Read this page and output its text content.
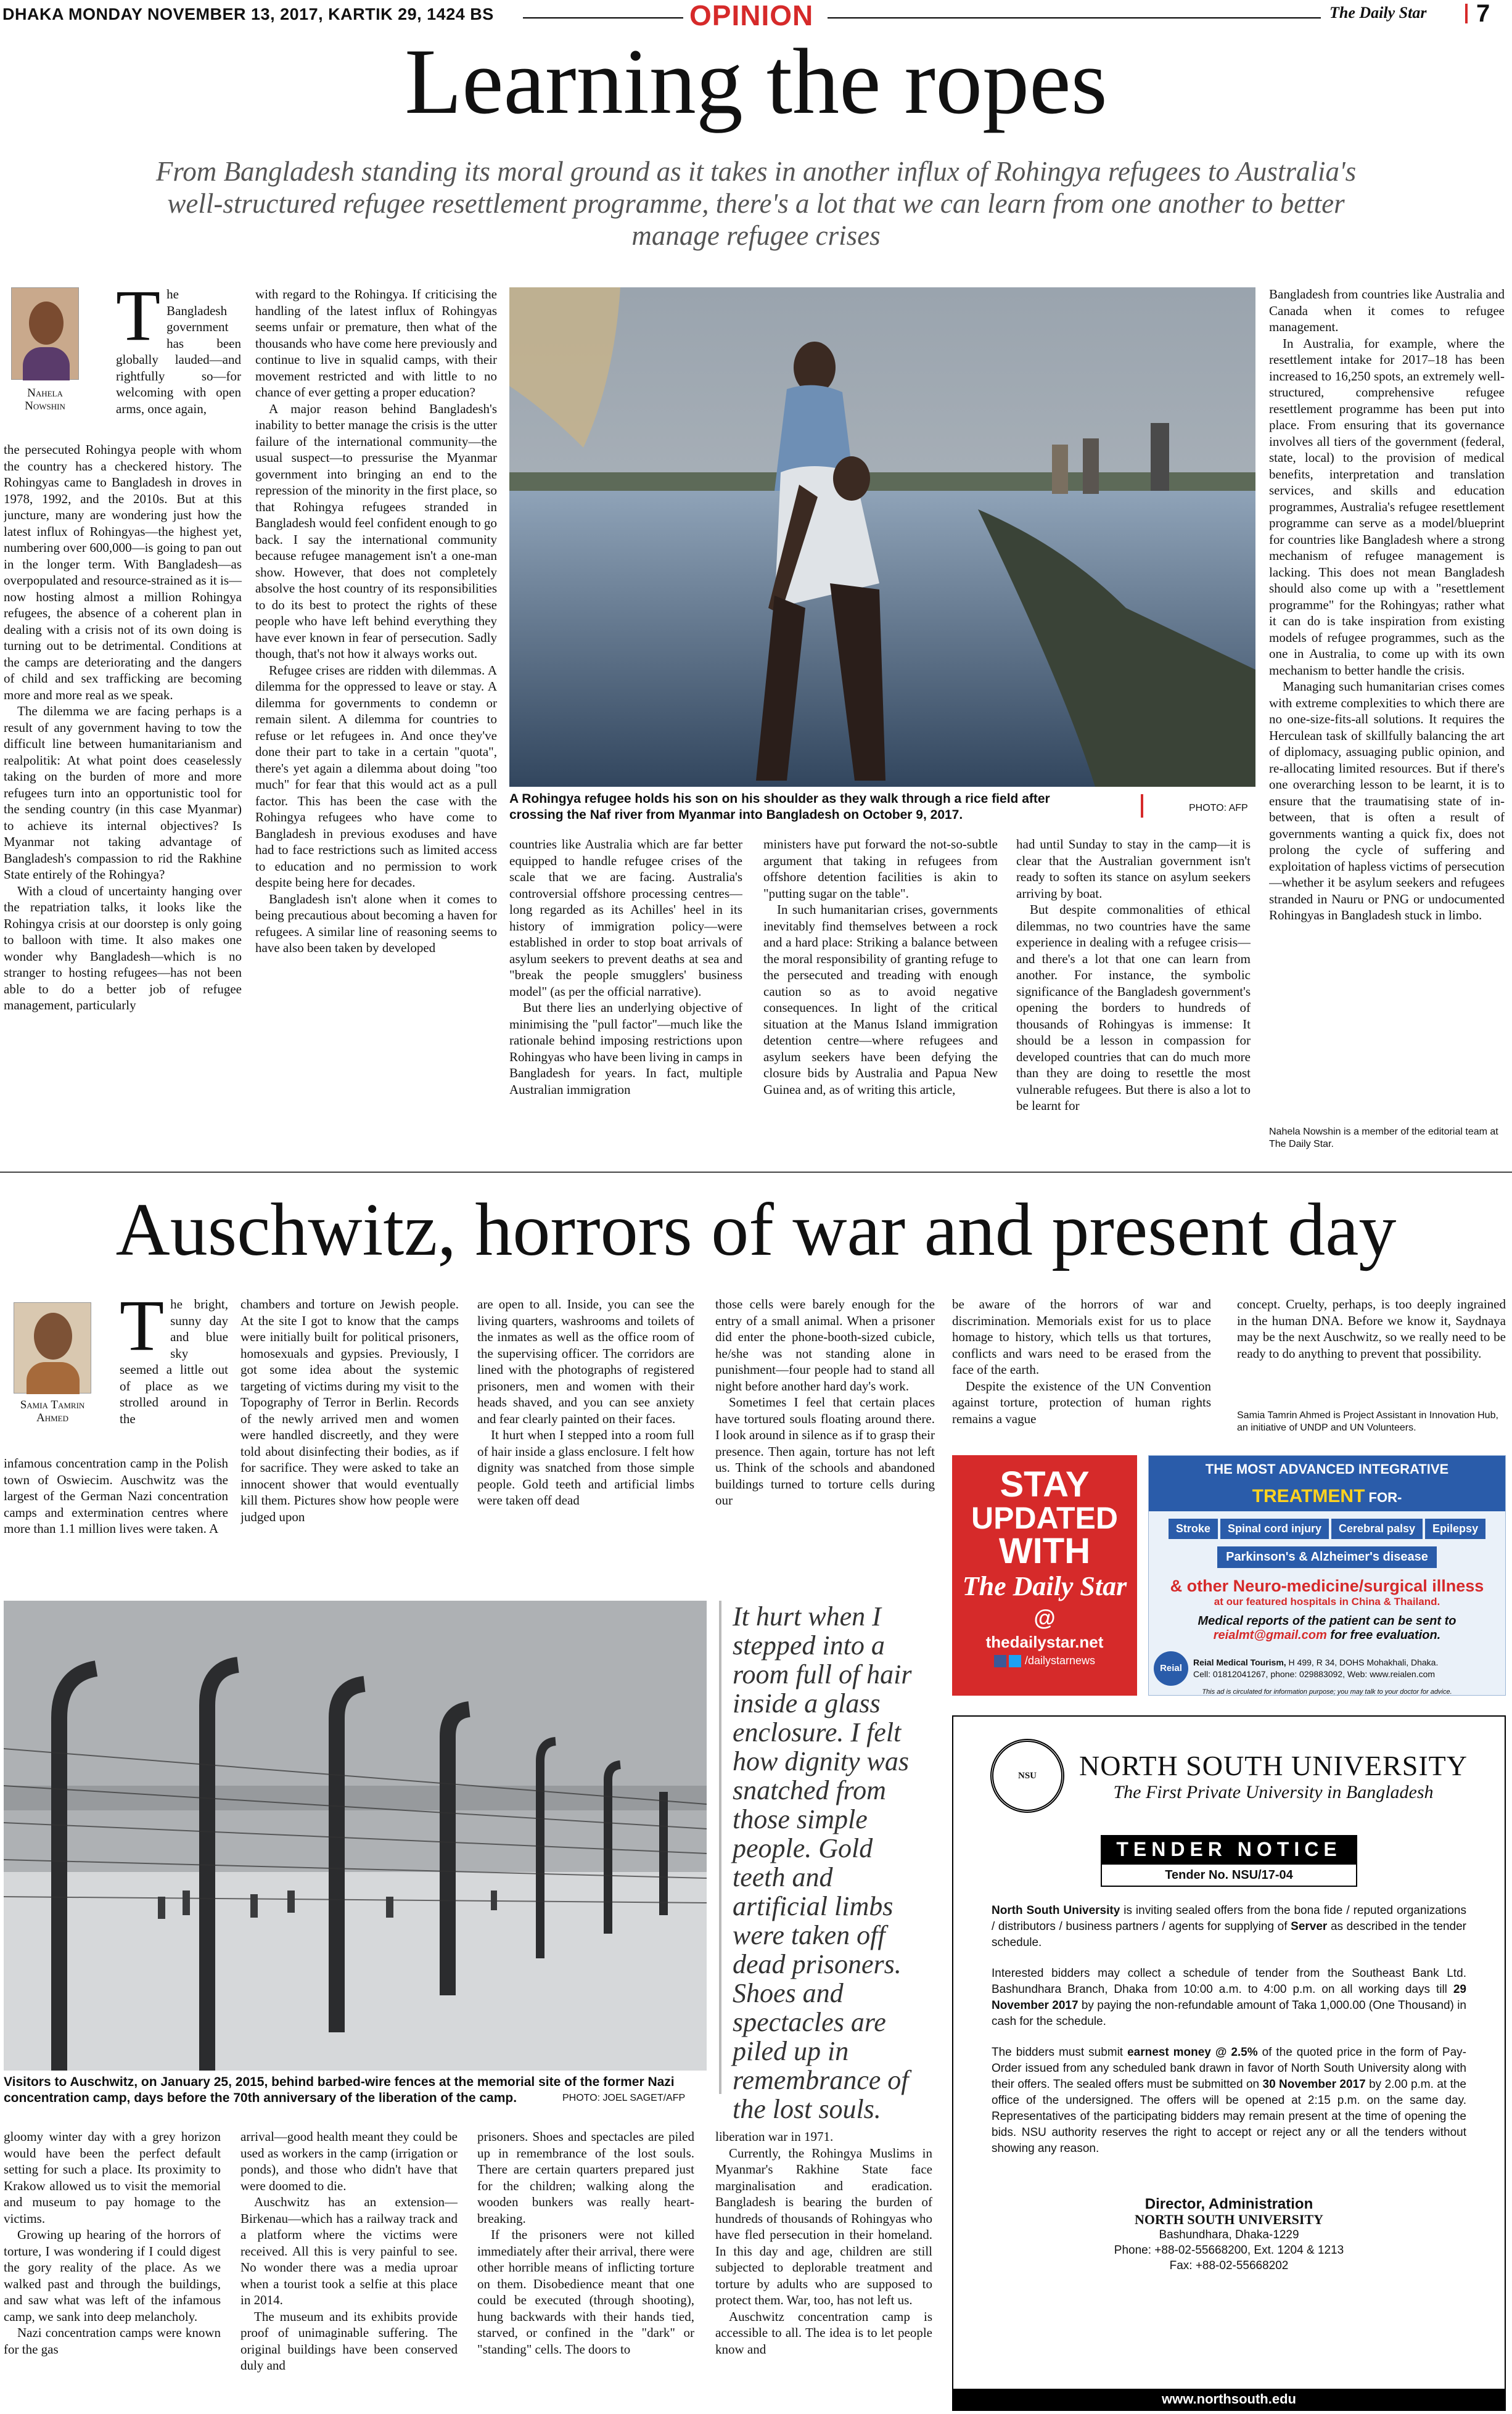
DHAKA MONDAY NOVEMBER 13, 2017, KARTIK 29, 1424 BS	OPINION	The Daily Star 7
Learning the ropes
From Bangladesh standing its moral ground as it takes in another influx of Rohingya refugees to Australia's well-structured refugee resettlement programme, there's a lot that we can learn from one another to better manage refugee crises
Nahela Nowshin
The Bangladesh government has been globally lauded—and rightfully so—for welcoming with open arms, once again,

the persecuted Rohingya people with whom the country has a checkered history. The Rohingyas came to Bangladesh in droves in 1978, 1992, and the 2010s. But at this juncture, many are wondering just how the latest influx of Rohingyas—the highest yet, numbering over 600,000—is going to pan out in the longer term. With Bangladesh—as overpopulated and resource-strained as it is—now hosting almost a million Rohingya refugees, the absence of a coherent plan in dealing with a crisis not of its own doing is turning out to be detrimental. Conditions at the camps are deteriorating and the dangers of child and sex trafficking are becoming more and more real as we speak.

The dilemma we are facing perhaps is a result of any government having to tow the difficult line between humanitarianism and realpolitik: At what point does ceaselessly taking on the burden of more and more refugees turn into an opportunistic tool for the sending country (in this case Myanmar) to achieve its internal objectives? Is Myanmar not taking advantage of Bangladesh's compassion to rid the Rakhine State entirely of the Rohingya?

With a cloud of uncertainty hanging over the repatriation talks, it looks like the Rohingya crisis at our doorstep is only going to balloon with time. It also makes one wonder why Bangladesh—which is no stranger to hosting refugees—has not been able to do a better job of refugee management, particularly

with regard to the Rohingya. If criticising the handling of the latest influx of Rohingyas seems unfair or premature, then what of the thousands who have come here previously and continue to live in squalid camps, with their movement restricted and with little to no chance of ever getting a proper education?

A major reason behind Bangladesh's inability to better manage the crisis is the utter failure of the international community—the usual suspect—to pressurise the Myanmar government into bringing an end to the repression of the minority in the first place, so that Rohingya refugees stranded in Bangladesh would feel confident enough to go back. I say the international community because refugee management isn't a one-man show. However, that does not completely absolve the host country of its responsibilities to do its best to protect the rights of these people who have left behind everything they have ever known in fear of persecution. Sadly though, that's not how it always works out.

Refugee crises are ridden with dilemmas. A dilemma for the oppressed to leave or stay. A dilemma for governments to condemn or remain silent. A dilemma for countries to refuse or let refugees in. And once they've done their part to take in a certain "quota", there's yet again a dilemma about doing "too much" for fear that this would act as a pull factor. This has been the case with the Rohingya refugees who have come to Bangladesh in previous exoduses and have had to face restrictions such as limited access to education and no permission to work despite being here for decades.

Bangladesh isn't alone when it comes to being precautious about becoming a haven for refugees. A similar line of reasoning seems to have also been taken by developed

A Rohingya refugee holds his son on his shoulder as they walk through a rice field after crossing the Naf river from Myanmar into Bangladesh on October 9, 2017.	PHOTO: AFP

countries like Australia which are far better equipped to handle refugee crises of the scale that we are facing. Australia's controversial offshore processing centres—long regarded as its Achilles' heel in its history of immigration policy—were established in order to stop boat arrivals of asylum seekers to prevent deaths at sea and "break the people smugglers' business model" (as per the official narrative).

But there lies an underlying objective of minimising the "pull factor"—much like the rationale behind imposing restrictions upon Rohingyas who have been living in camps in Bangladesh for years. In fact, multiple Australian immigration

ministers have put forward the not-so-subtle argument that taking in refugees from offshore detention facilities is akin to "putting sugar on the table".

In such humanitarian crises, governments inevitably find themselves between a rock and a hard place: Striking a balance between the moral responsibility of granting refuge to the persecuted and treading with enough caution so as to avoid negative consequences. In light of the critical situation at the Manus Island immigration detention centre—where refugees and asylum seekers have been defying the closure bids by Australia and Papua New Guinea and, as of writing this article,

had until Sunday to stay in the camp—it is clear that the Australian government isn't ready to soften its stance on asylum seekers arriving by boat.

But despite commonalities of ethical dilemmas, no two countries have the same experience in dealing with a refugee crisis—and there's a lot that one can learn from another. For instance, the symbolic significance of the Bangladesh government's opening the borders to hundreds of thousands of Rohingyas is immense: It should be a lesson in compassion for developed countries that can do much more than they are doing to resettle the most vulnerable refugees. But there is also a lot to be learnt for

Bangladesh from countries like Australia and Canada when it comes to refugee management.

In Australia, for example, where the resettlement intake for 2017–18 has been increased to 16,250 spots, an extremely well-structured, comprehensive refugee resettlement programme has been put into place. From ensuring that its governance involves all tiers of the government (federal, state, local) to the provision of medical benefits, interpretation and translation services, and skills and education programmes, Australia's refugee resettlement programme can serve as a model/blueprint for countries like Bangladesh where a strong mechanism of refugee management is lacking. This does not mean Bangladesh should also come up with a "resettlement programme" for the Rohingyas; rather what it can do is take inspiration from existing models of refugee programmes, such as the one in Australia, to come up with its own mechanism to better handle the crisis.

Managing such humanitarian crises comes with extreme complexities to which there are no one-size-fits-all solutions. It requires the Herculean task of skillfully balancing the art of diplomacy, assuaging public opinion, and re-allocating limited resources. But if there's one overarching lesson to be learnt, it is to ensure that the traumatising state of in-between, that is often a result of governments wanting a quick fix, does not prolong the cycle of suffering and exploitation of hapless victims of persecution—whether it be asylum seekers and refugees stranded in Nauru or PNG or undocumented Rohingyas in Bangladesh stuck in limbo.

Nahela Nowshin is a member of the editorial team at The Daily Star.
Auschwitz, horrors of war and present day
Samia Tamrin Ahmed
The bright, sunny day and blue sky seemed a little out of place as we strolled around in the

infamous concentration camp in the Polish town of Oswiecim. Auschwitz was the largest of the German Nazi concentration camps and extermination centres where more than 1.1 million lives were taken. A

chambers and torture on Jewish people. At the site I got to know that the camps were initially built for political prisoners, homosexuals and gypsies. Previously, I got some idea about the systemic targeting of victims during my visit to the Topography of Terror in Berlin. Records of the newly arrived men and women were handled discreetly, and they were told about disinfecting their bodies, as if for sacrifice. They were asked to take an innocent shower that would eventually kill them. Pictures show how people were judged upon

are open to all. Inside, you can see the living quarters, washrooms and toilets of the inmates as well as the office room of the supervising officer. The corridors are lined with the photographs of registered prisoners, men and women with their heads shaved, and you can see anxiety and fear clearly painted on their faces.

It hurt when I stepped into a room full of hair inside a glass enclosure. I felt how dignity was snatched from those simple people. Gold teeth and artificial limbs were taken off dead

those cells were barely enough for the entry of a small animal. When a prisoner did enter the phone-booth-sized cubicle, he/she was not standing alone in punishment—four people had to stand all night before another hard day's work.

Sometimes I feel that certain places have tortured souls floating around there. I look around in silence as if to grasp their presence. Then again, torture has not left us. Think of the schools and abandoned buildings turned to torture cells during our

be aware of the horrors of war and discrimination. Memorials exist for us to place homage to history, which tells us that tortures, conflicts and wars need to be erased from the face of the earth.

Despite the existence of the UN Convention against torture, protection of human rights remains a vague

concept. Cruelty, perhaps, is too deeply ingrained in the human DNA. Before we know it, Saydnaya may be the next Auschwitz, so we really need to be ready to do anything to prevent that possibility.

Samia Tamrin Ahmed is Project Assistant in Innovation Hub, an initiative of UNDP and UN Volunteers.
STAY
UPDATED
WITH
The Daily Star
@
thedailystar.net
/dailystarnews
THE MOST ADVANCED INTEGRATIVE TREATMENT FOR-
Stroke Spinal cord injury Cerebral palsy Epilepsy
Parkinson's & Alzheimer's disease
& other Neuro-medicine/surgical illness
at our featured hospitals in China & Thailand.
Medical reports of the patient can be sent to
reialmt@gmail.com for free evaluation.
Reial
Reial Medical Tourism, H 499, R 34, DOHS Mohakhali, Dhaka.
Cell: 01812041267, phone: 029883092, Web: www.reialen.com
This ad is circulated for information purpose; you may talk to your doctor for advice.
Visitors to Auschwitz, on January 25, 2015, behind barbed-wire fences at the memorial site of the former Nazi concentration camp, days before the 70th anniversary of the liberation of the camp.	PHOTO: JOEL SAGET/AFP
It hurt when I stepped into a room full of hair inside a glass enclosure. I felt how dignity was snatched from those simple people. Gold teeth and artificial limbs were taken off dead prisoners. Shoes and spectacles are piled up in remembrance of the lost souls.

gloomy winter day with a grey horizon would have been the perfect default setting for such a place. Its proximity to Krakow allowed us to visit the memorial and museum to pay homage to the victims.

Growing up hearing of the horrors of torture, I was wondering if I could digest the gory reality of the place. As we walked past and through the buildings, and saw what was left of the infamous camp, we sank into deep melancholy.

Nazi concentration camps were known for the gas

arrival—good health meant they could be used as workers in the camp (irrigation or ponds), and those who didn't have that were doomed to die.

Auschwitz has an extension—Birkenau—which has a railway track and a platform where the victims were received. All this is very painful to see. No wonder there was a media uproar when a tourist took a selfie at this place in 2014.

The museum and its exhibits provide proof of unimaginable suffering. The original buildings have been conserved duly and

prisoners. Shoes and spectacles are piled up in remembrance of the lost souls. There are certain quarters prepared just for the children; walking along the wooden bunkers was really heart-breaking.

If the prisoners were not killed immediately after their arrival, there were other horrible means of inflicting torture on them. Disobedience meant that one could be executed (through shooting), hung backwards with their hands tied, starved, or confined in the "dark" or "standing" cells. The doors to

liberation war in 1971.

Currently, the Rohingya Muslims in Myanmar's Rakhine State face marginalisation and eradication. Bangladesh is bearing the burden of hundreds of thousands of Rohingyas who have fled persecution in their homeland. In this day and age, children are still subjected to deplorable treatment and torture by adults who are supposed to protect them. War, too, has not left us.

Auschwitz concentration camp is accessible to all. The idea is to let people know and

NSU	NORTH SOUTH UNIVERSITY
The First Private University in Bangladesh
TENDER NOTICE
Tender No. NSU/17-04

North South University is inviting sealed offers from the bona fide / reputed organizations / distributors / business partners / agents for supplying of Server as described in the tender schedule.

Interested bidders may collect a schedule of tender from the Southeast Bank Ltd. Bashundhara Branch, Dhaka from 10:00 a.m. to 4:00 p.m. on all working days till 29 November 2017 by paying the non-refundable amount of Taka 1,000.00 (One Thousand) in cash for the schedule.

The bidders must submit earnest money @ 2.5% of the quoted price in the form of Pay-Order issued from any scheduled bank drawn in favor of North South University along with their offers. The sealed offers must be submitted on 30 November 2017 by 2.00 p.m. at the office of the undersigned. The offers will be opened at 2:15 p.m. on the same day. Representatives of the participating bidders may remain present at the time of opening the bids. NSU authority reserves the right to accept or reject any or all the tenders without showing any reason.

Director, Administration
NORTH SOUTH UNIVERSITY
Bashundhara, Dhaka-1229
Phone: +88-02-55668200, Ext. 1204 & 1213
Fax: +88-02-55668202
www.northsouth.edu
